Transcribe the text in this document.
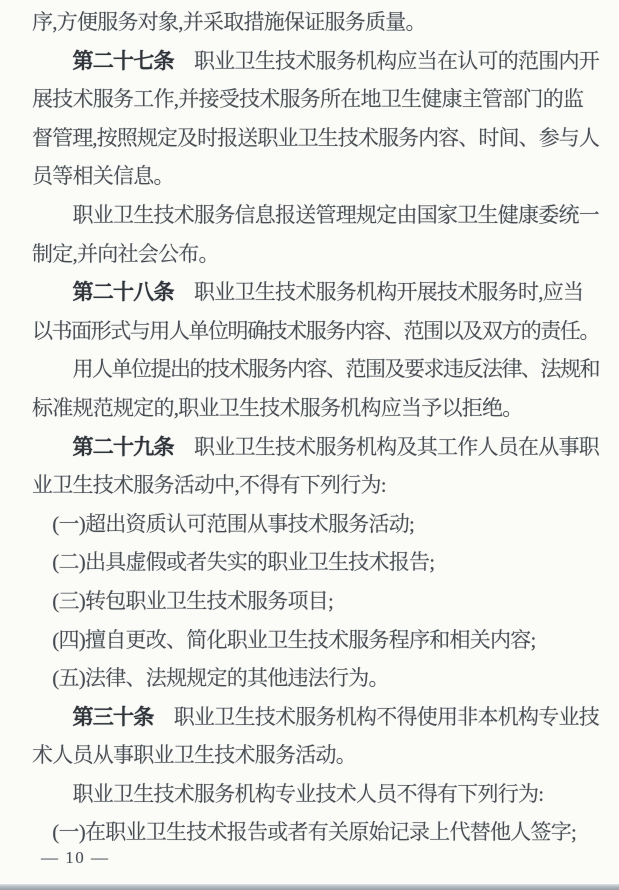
序,方便服务对象,并采取措施保证服务质量。
第二十七条　职业卫生技术服务机构应当在认可的范围内开
展技术服务工作,并接受技术服务所在地卫生健康主管部门的监
督管理,按照规定及时报送职业卫生技术服务内容、时间、参与人
员等相关信息。
职业卫生技术服务信息报送管理规定由国家卫生健康委统一
制定,并向社会公布。
第二十八条　职业卫生技术服务机构开展技术服务时,应当
以书面形式与用人单位明确技术服务内容、范围以及双方的责任。
用人单位提出的技术服务内容、范围及要求违反法律、法规和
标准规范规定的,职业卫生技术服务机构应当予以拒绝。
第二十九条　职业卫生技术服务机构及其工作人员在从事职
业卫生技术服务活动中,不得有下列行为:
(一)超出资质认可范围从事技术服务活动;
(二)出具虚假或者失实的职业卫生技术报告;
(三)转包职业卫生技术服务项目;
(四)擅自更改、简化职业卫生技术服务程序和相关内容;
(五)法律、法规规定的其他违法行为。
第三十条　职业卫生技术服务机构不得使用非本机构专业技
术人员从事职业卫生技术服务活动。
职业卫生技术服务机构专业技术人员不得有下列行为:
(一)在职业卫生技术报告或者有关原始记录上代替他人签字;
— 10 —
